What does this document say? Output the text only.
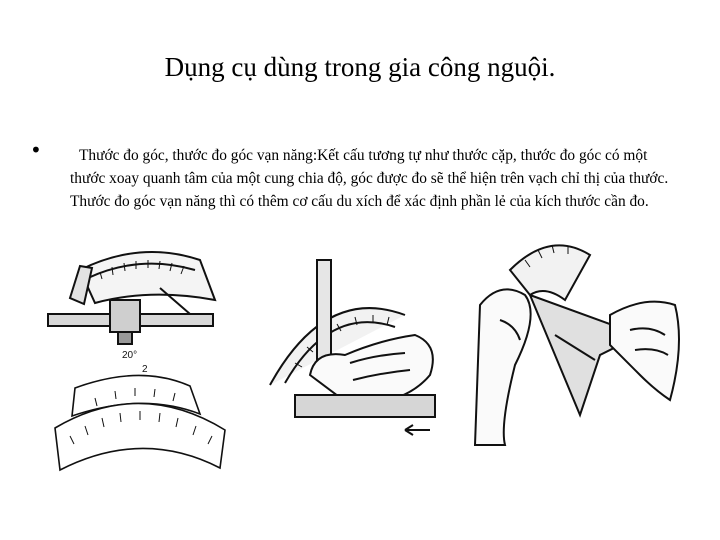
Dụng cụ dùng trong gia công nguội.
•	Thước đo góc, thước đo góc vạn năng:Kết cấu tương tự như thước cặp, thước đo góc có một thước xoay quanh tâm của một cung chia độ, góc được đo sẽ thể hiện trên vạch chỉ thị của thước. Thước đo góc vạn năng thì có thêm cơ cấu du xích để xác định phần lẻ của kích thước cần đo.
20°
2
